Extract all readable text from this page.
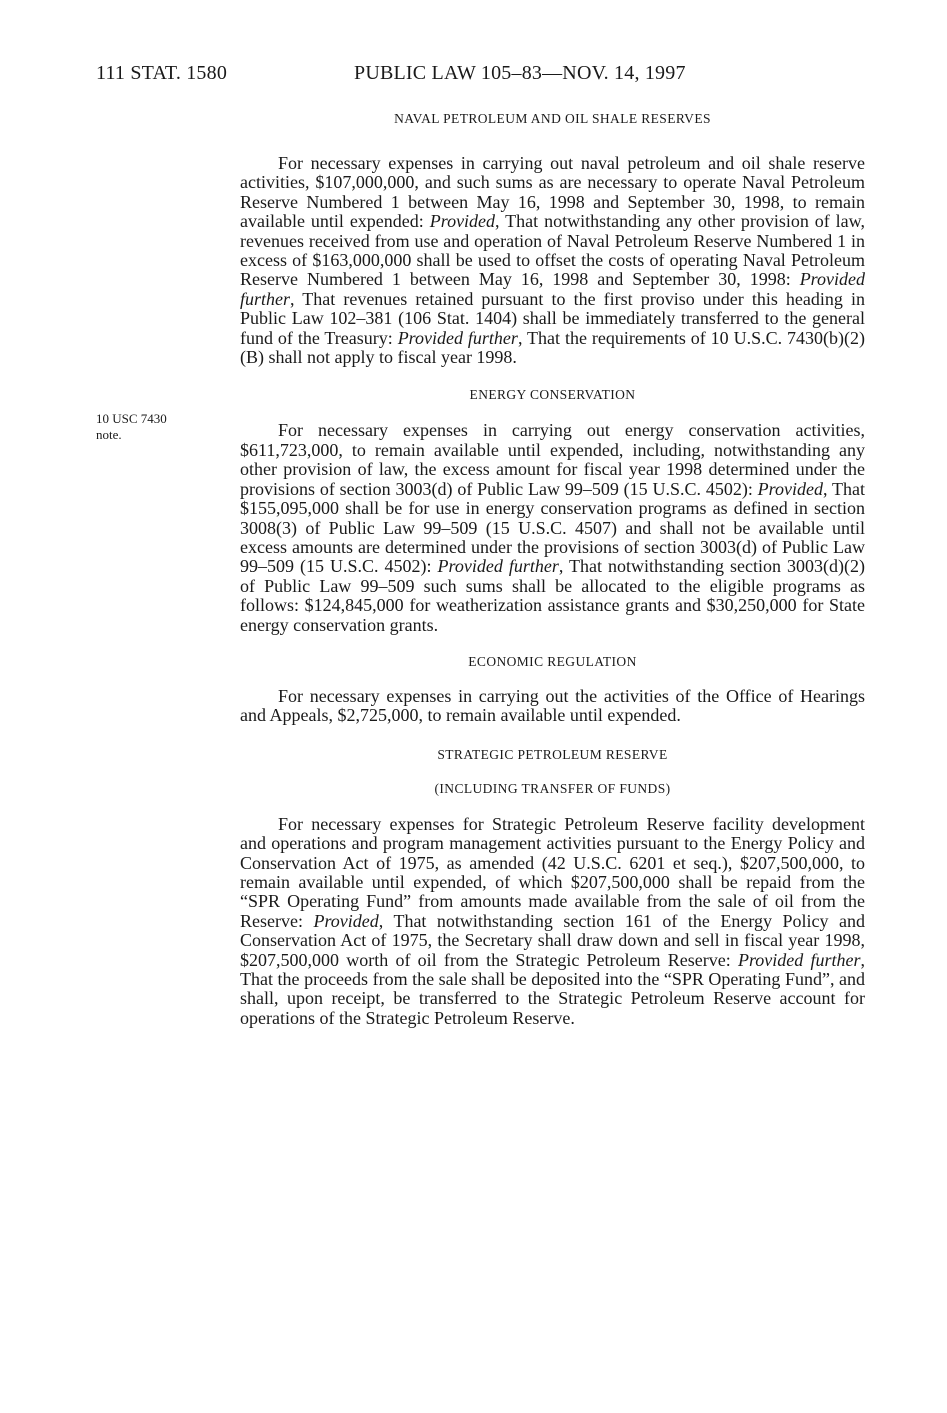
111 STAT. 1580	PUBLIC LAW 105–83—NOV. 14, 1997
10 USC 7430
note.

NAVAL PETROLEUM AND OIL SHALE RESERVES

For necessary expenses in carrying out naval petroleum and oil shale reserve activities, $107,000,000, and such sums as are necessary to operate Naval Petroleum Reserve Numbered 1 between May 16, 1998 and September 30, 1998, to remain available until expended: Provided, That notwithstanding any other provision of law, revenues received from use and operation of Naval Petroleum Reserve Numbered 1 in excess of $163,000,000 shall be used to offset the costs of operating Naval Petroleum Reserve Numbered 1 between May 16, 1998 and September 30, 1998: Provided further, That revenues retained pursuant to the first proviso under this heading in Public Law 102–381 (106 Stat. 1404) shall be immediately transferred to the general fund of the Treasury: Provided further, That the requirements of 10 U.S.C. 7430(b)(2)(B) shall not apply to fiscal year 1998.

ENERGY CONSERVATION

For necessary expenses in carrying out energy conservation activities, $611,723,000, to remain available until expended, including, notwithstanding any other provision of law, the excess amount for fiscal year 1998 determined under the provisions of section 3003(d) of Public Law 99–509 (15 U.S.C. 4502): Provided, That $155,095,000 shall be for use in energy conservation programs as defined in section 3008(3) of Public Law 99–509 (15 U.S.C. 4507) and shall not be available until excess amounts are determined under the provisions of section 3003(d) of Public Law 99–509 (15 U.S.C. 4502): Provided further, That notwithstanding section 3003(d)(2) of Public Law 99–509 such sums shall be allocated to the eligible programs as follows: $124,845,000 for weatherization assistance grants and $30,250,000 for State energy conservation grants.

ECONOMIC REGULATION

For necessary expenses in carrying out the activities of the Office of Hearings and Appeals, $2,725,000, to remain available until expended.

STRATEGIC PETROLEUM RESERVE

(INCLUDING TRANSFER OF FUNDS)

For necessary expenses for Strategic Petroleum Reserve facility development and operations and program management activities pursuant to the Energy Policy and Conservation Act of 1975, as amended (42 U.S.C. 6201 et seq.), $207,500,000, to remain available until expended, of which $207,500,000 shall be repaid from the “SPR Operating Fund” from amounts made available from the sale of oil from the Reserve: Provided, That notwithstanding section 161 of the Energy Policy and Conservation Act of 1975, the Secretary shall draw down and sell in fiscal year 1998, $207,500,000 worth of oil from the Strategic Petroleum Reserve: Provided further, That the proceeds from the sale shall be deposited into the “SPR Operating Fund”, and shall, upon receipt, be transferred to the Strategic Petroleum Reserve account for operations of the Strategic Petroleum Reserve.
